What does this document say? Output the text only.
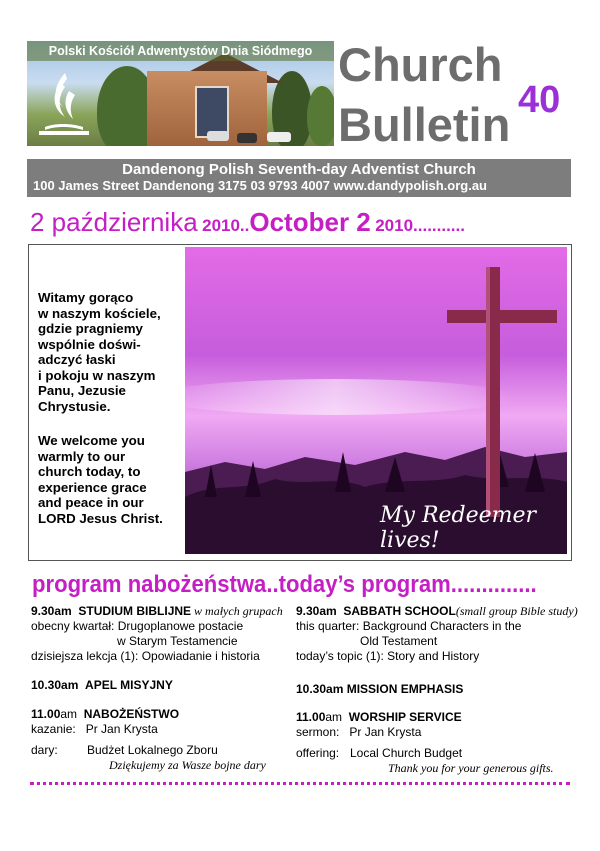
Polski Kościół Adwentystów Dnia Siódmego Church
Bulletin 40
Dandenong Polish Seventh-day Adventist Church
100 James Street Dandenong 3175 03 9793 4007 www.dandypolish.org.au
2 października 2010..October 2 2010...........
Witamy gorąco
w naszym kościele,
gdzie pragniemy
wspólnie doświ-
adczyć łaski
i pokoju w naszym
Panu, Jezusie
Chrystusie.
We welcome you
warmly to our
church today, to
experience grace
and peace in our
LORD Jesus Christ.	My Redeemer lives!
program nabożeństwa..today’s program..............
9.30am STUDIUM BIBLIJNE w małych grupach
obecny kwartał: Drugoplanowe postacie
w Starym Testamencie
dzisiejsza lekcja (1): Opowiadanie i historia
10.30am APEL MISYJNY
11.00am NABOŻEŃSTWO
kazanie: Pr Jan Krysta
dary: Budżet Lokalnego Zboru
Dziękujemy za Wasze bojne dary
9.30am SABBATH SCHOOL(small group Bible study)
this quarter: Background Characters in the
Old Testament
today’s topic (1): Story and History
10.30am MISSION EMPHASIS
11.00am WORSHIP SERVICE
sermon: Pr Jan Krysta
offering: Local Church Budget
Thank you for your generous gifts.
